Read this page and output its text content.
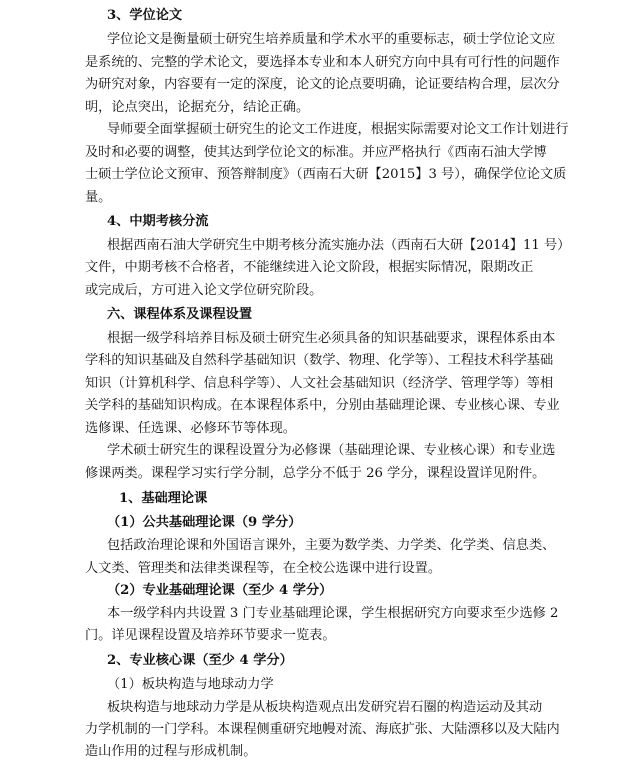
3、学位论文
学位论文是衡量硕士研究生培养质量和学术水平的重要标志，硕士学位论文应
是系统的、完整的学术论文，要选择本专业和本人研究方向中具有可行性的问题作
为研究对象，内容要有一定的深度，论文的论点要明确，论证要结构合理，层次分
明，论点突出，论据充分，结论正确。
导师要全面掌握硕士研究生的论文工作进度，根据实际需要对论文工作计划进行
及时和必要的调整，使其达到学位论文的标准。并应严格执行《西南石油大学博
士硕士学位论文预审、预答辩制度》（西南石大研【2015】3 号），确保学位论文质
量。
4、中期考核分流
根据西南石油大学研究生中期考核分流实施办法（西南石大研【2014】11 号）
文件，中期考核不合格者，不能继续进入论文阶段，根据实际情况，限期改正
或完成后，方可进入论文学位研究阶段。
六、课程体系及课程设置
根据一级学科培养目标及硕士研究生必须具备的知识基础要求，课程体系由本
学科的知识基础及自然科学基础知识（数学、物理、化学等）、工程技术科学基础
知识（计算机科学、信息科学等）、人文社会基础知识（经济学、管理学等）等相
关学科的基础知识构成。在本课程体系中，分别由基础理论课、专业核心课、专业
选修课、任选课、必修环节等体现。
学术硕士研究生的课程设置分为必修课（基础理论课、专业核心课）和专业选
修课两类。课程学习实行学分制，总学分不低于 26 学分，课程设置详见附件。
1、基础理论课
（1）公共基础理论课（9 学分）
包括政治理论课和外国语言课外，主要为数学类、力学类、化学类、信息类、
人文类、管理类和法律类课程等，在全校公选课中进行设置。
（2）专业基础理论课（至少 4 学分）
本一级学科内共设置 3 门专业基础理论课，学生根据研究方向要求至少选修 2
门。详见课程设置及培养环节要求一览表。
2、专业核心课（至少 4 学分）
（1）板块构造与地球动力学
板块构造与地球动力学是从板块构造观点出发研究岩石圈的构造运动及其动
力学机制的一门学科。本课程侧重研究地幔对流、海底扩张、大陆漂移以及大陆内
造山作用的过程与形成机制。
